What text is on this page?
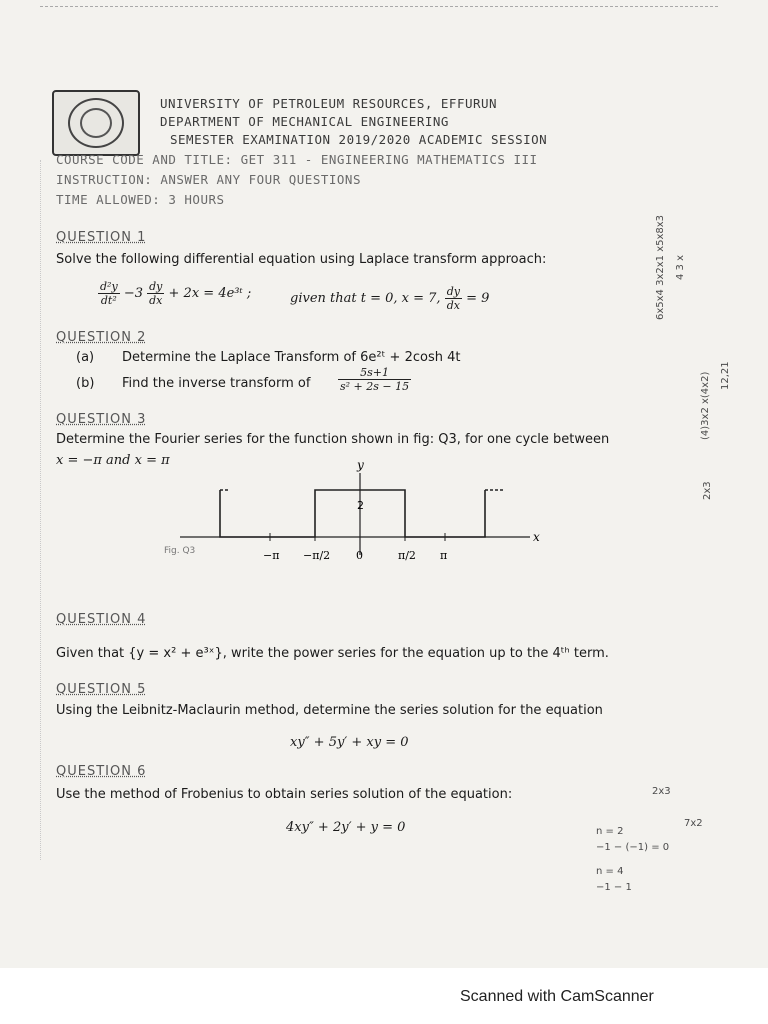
UNIVERSITY OF PETROLEUM RESOURCES, EFFURUN
DEPARTMENT OF MECHANICAL ENGINEERING
SEMESTER EXAMINATION 2019/2020 ACADEMIC SESSION
COURSE CODE AND TITLE: GET 311 - ENGINEERING MATHEMATICS III
INSTRUCTION: ANSWER ANY FOUR QUESTIONS
TIME ALLOWED: 3 HOURS
QUESTION 1
Solve the following differential equation using Laplace transform approach:
$\frac{\text{d²y}}{\text{dt²}} -3 \frac{dy}{dx} + 2x$ = 4e³ᵗ ;	given that t = 0, x = 7, $\frac{dy}{dx} = 9$
QUESTION 2
(a) Determine the Laplace Transform of 6e²ᵗ + 2cosh 4t
(b) Find the inverse transform of	$\frac{5s+1}{\text{s² + 2s − 15}}$
QUESTION 3
Determine the Fourier series for the function shown in fig: Q3, for one cycle between
x = −π and x = π	y
x
2
Fig. Q3	−π −π/2 0	π/2 π
QUESTION 4
Given that {y = x² + e³ˣ}, write the power series for the equation up to the 4ᵗʰ term.
QUESTION 5
Using the Leibnitz-Maclaurin method, determine the series solution for the equation
xy″ + 5y′ + xy = 0
QUESTION 6
Use the method of Frobenius to obtain series solution of the equation:
4xy″ + 2y′ + y = 0
6x5x4 3x2x1 x5x8x3 4 3 x
(4)3x2 x(4x2) 12,21
2x3
n = 2
−1 − (−1) = 0
n = 4
−1 − 1
2x3
7x2
Scanned with CamScanner
